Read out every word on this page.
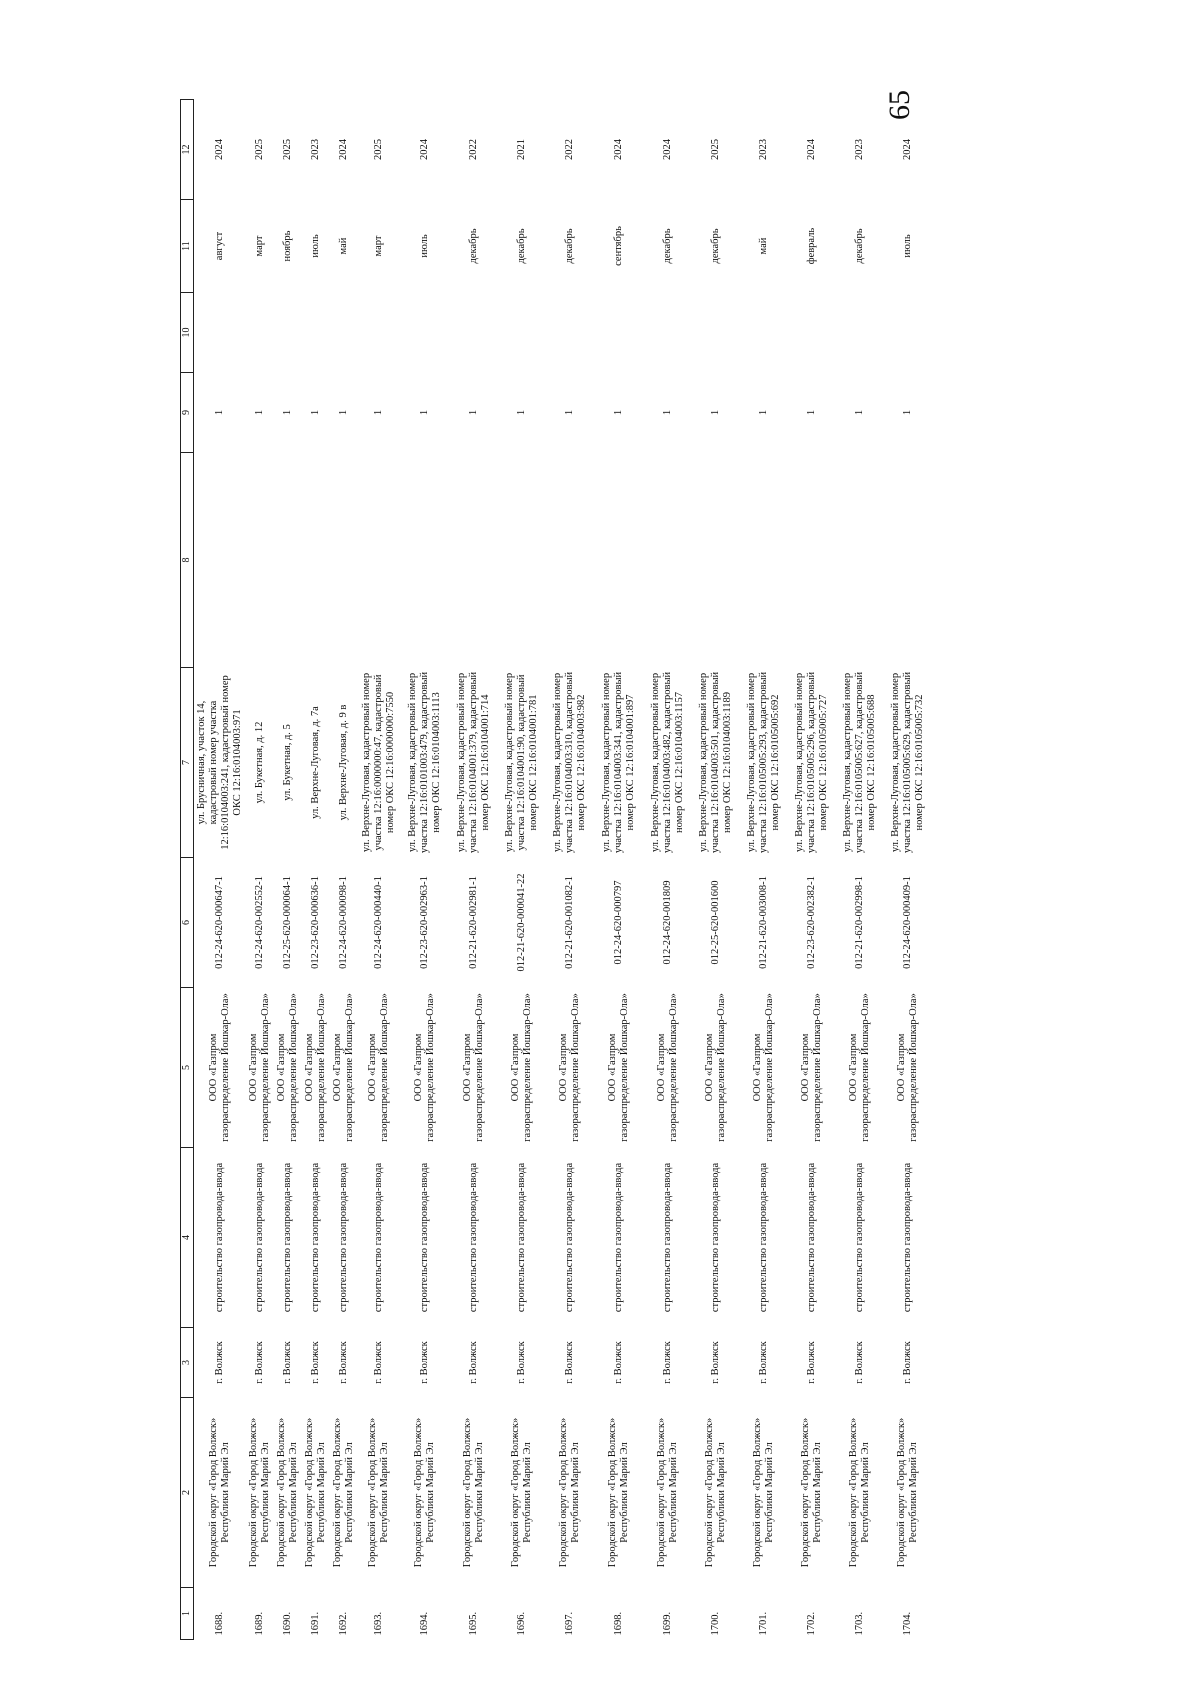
65
1	2	3	4	5	6	7	8	9	10	11	12
1688.	Городской округ «Город Волжск» Республики Марий Эл	г. Волжск	строительство газопровода-ввода	ООО «Газпром газораспределение Йошкар-Ола»	012-24-620-000647-1	ул. Брусничная, участок 14, кадастровый номер участка 12:16:0104003:241, кадастровый номер ОКС 12:16:0104003:971		1		август	2024
1689.	Городской округ «Город Волжск» Республики Марий Эл	г. Волжск	строительство газопровода-ввода	ООО «Газпром газораспределение Йошкар-Ола»	012-24-620-002552-1	ул. Букетная, д. 12		1		март	2025
1690.	Городской округ «Город Волжск» Республики Марий Эл	г. Волжск	строительство газопровода-ввода	ООО «Газпром газораспределение Йошкар-Ола»	012-25-620-000064-1	ул. Букетная, д. 5		1		ноябрь	2025
1691.	Городской округ «Город Волжск» Республики Марий Эл	г. Волжск	строительство газопровода-ввода	ООО «Газпром газораспределение Йошкар-Ола»	012-23-620-000636-1	ул. Верхне-Луговая, д. 7а		1		июль	2023
1692.	Городской округ «Город Волжск» Республики Марий Эл	г. Волжск	строительство газопровода-ввода	ООО «Газпром газораспределение Йошкар-Ола»	012-24-620-000098-1	ул. Верхне-Луговая, д. 9 в		1		май	2024
1693.	Городской округ «Город Волжск» Республики Марий Эл	г. Волжск	строительство газопровода-ввода	ООО «Газпром газораспределение Йошкар-Ола»	012-24-620-000440-1	ул. Верхне-Луговая, кадастровый номер участка 12:16:0000000:47, кадастровый номер ОКС 12:16:0000000:7550		1		март	2025
1694.	Городской округ «Город Волжск» Республики Марий Эл	г. Волжск	строительство газопровода-ввода	ООО «Газпром газораспределение Йошкар-Ола»	012-23-620-002963-1	ул. Верхне-Луговая, кадастровый номер участка 12:16:0101003:479, кадастровый номер ОКС 12:16:0104003:1113		1		июль	2024
1695.	Городской округ «Город Волжск» Республики Марий Эл	г. Волжск	строительство газопровода-ввода	ООО «Газпром газораспределение Йошкар-Ола»	012-21-620-002981-1	ул. Верхне-Луговая, кадастровый номер участка 12:16:0104001:379, кадастровый номер ОКС 12:16:0104001:714		1		декабрь	2022
1696.	Городской округ «Город Волжск» Республики Марий Эл	г. Волжск	строительство газопровода-ввода	ООО «Газпром газораспределение Йошкар-Ола»	012-21-620-000041-22	ул. Верхне-Луговая, кадастровый номер участка 12:16:0104001:90, кадастровый номер ОКС 12:16:0104001:781		1		декабрь	2021
1697.	Городской округ «Город Волжск» Республики Марий Эл	г. Волжск	строительство газопровода-ввода	ООО «Газпром газораспределение Йошкар-Ола»	012-21-620-001082-1	ул. Верхне-Луговая, кадастровый номер участка 12:16:0104003:310, кадастровый номер ОКС 12:16:0104003:982		1		декабрь	2022
1698.	Городской округ «Город Волжск» Республики Марий Эл	г. Волжск	строительство газопровода-ввода	ООО «Газпром газораспределение Йошкар-Ола»	012-24-620-000797	ул. Верхне-Луговая, кадастровый номер участка 12:16:0104003:341, кадастровый номер ОКС 12:16:0104001:897		1		сентябрь	2024
1699.	Городской округ «Город Волжск» Республики Марий Эл	г. Волжск	строительство газопровода-ввода	ООО «Газпром газораспределение Йошкар-Ола»	012-24-620-001809	ул. Верхне-Луговая, кадастровый номер участка 12:16:0104003:482, кадастровый номер ОКС 12:16:0104003:1157		1		декабрь	2024
1700.	Городской округ «Город Волжск» Республики Марий Эл	г. Волжск	строительство газопровода-ввода	ООО «Газпром газораспределение Йошкар-Ола»	012-25-620-001600	ул. Верхне-Луговая, кадастровый номер участка 12:16:0104003:501, кадастровый номер ОКС 12:16:0104003:1189		1		декабрь	2025
1701.	Городской округ «Город Волжск» Республики Марий Эл	г. Волжск	строительство газопровода-ввода	ООО «Газпром газораспределение Йошкар-Ола»	012-21-620-003008-1	ул. Верхне-Луговая, кадастровый номер участка 12:16:0105005:293, кадастровый номер ОКС 12:16:0105005:692		1		май	2023
1702.	Городской округ «Город Волжск» Республики Марий Эл	г. Волжск	строительство газопровода-ввода	ООО «Газпром газораспределение Йошкар-Ола»	012-23-620-002382-1	ул. Верхне-Луговая, кадастровый номер участка 12:16:0105005:296, кадастровый номер ОКС 12:16:0105005:727		1		февраль	2024
1703.	Городской округ «Город Волжск» Республики Марий Эл	г. Волжск	строительство газопровода-ввода	ООО «Газпром газораспределение Йошкар-Ола»	012-21-620-002998-1	ул. Верхне-Луговая, кадастровый номер участка 12:16:0105005:627, кадастровый номер ОКС 12:16:0105005:688		1		декабрь	2023
1704.	Городской округ «Город Волжск» Республики Марий Эл	г. Волжск	строительство газопровода-ввода	ООО «Газпром газораспределение Йошкар-Ола»	012-24-620-000409-1	ул. Верхне-Луговая, кадастровый номер участка 12:16:0105005:629, кадастровый номер ОКС 12:16:0105005:732		1		июль	2024
